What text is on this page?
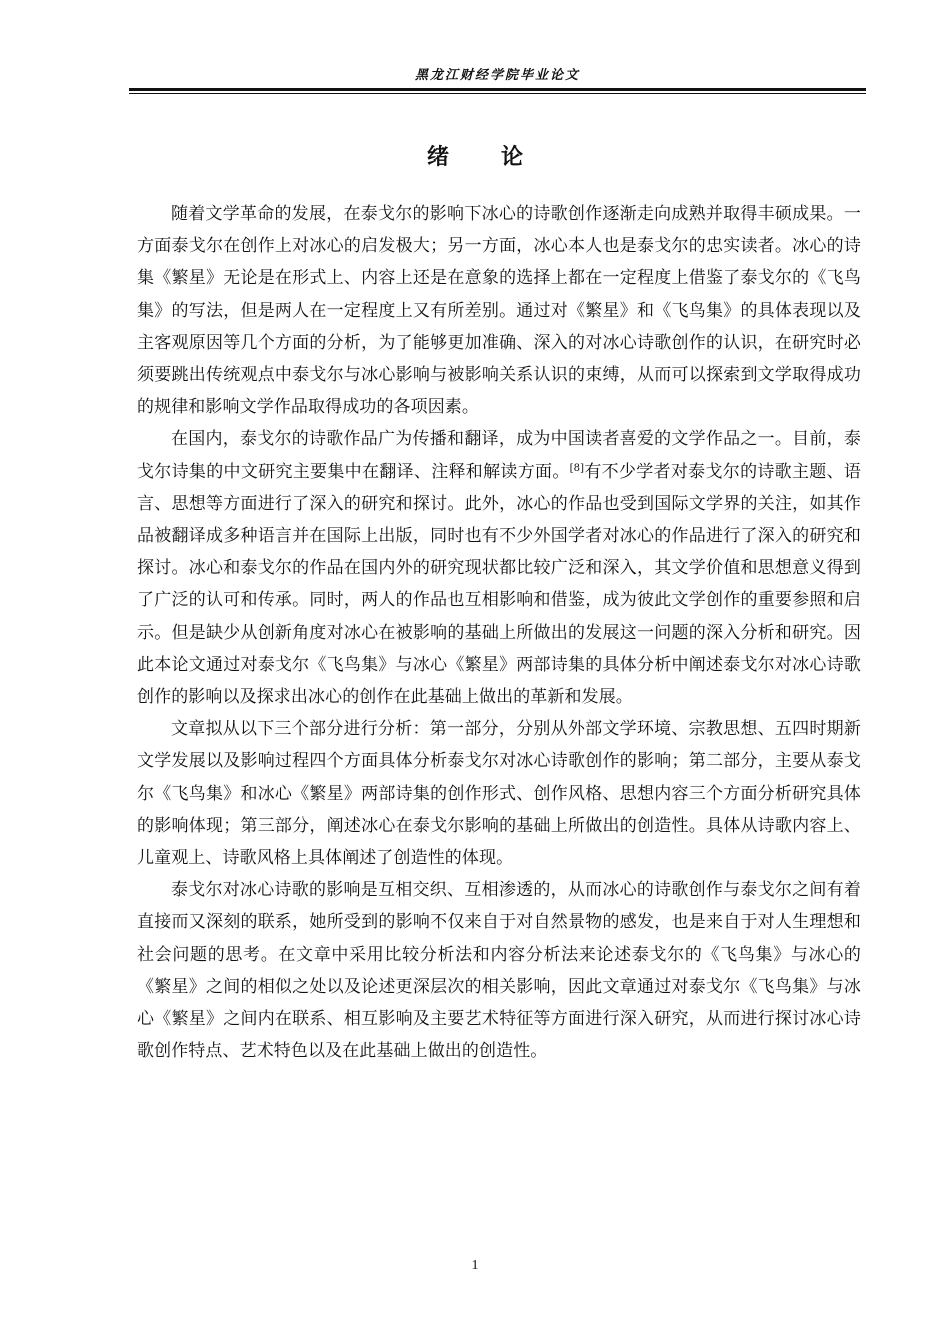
黑龙江财经学院毕业论文
绪论

随着文学革命的发展，在泰戈尔的影响下冰心的诗歌创作逐渐走向成熟并取得丰硕成果。一方面泰戈尔在创作上对冰心的启发极大；另一方面，冰心本人也是泰戈尔的忠实读者。冰心的诗集《繁星》无论是在形式上、内容上还是在意象的选择上都在一定程度上借鉴了泰戈尔的《飞鸟集》的写法，但是两人在一定程度上又有所差别。通过对《繁星》和《飞鸟集》的具体表现以及主客观原因等几个方面的分析，为了能够更加准确、深入的对冰心诗歌创作的认识，在研究时必须要跳出传统观点中泰戈尔与冰心影响与被影响关系认识的束缚，从而可以探索到文学取得成功的规律和影响文学作品取得成功的各项因素。

在国内，泰戈尔的诗歌作品广为传播和翻译，成为中国读者喜爱的文学作品之一。目前，泰戈尔诗集的中文研究主要集中在翻译、注释和解读方面。[8]有不少学者对泰戈尔的诗歌主题、语言、思想等方面进行了深入的研究和探讨。此外，冰心的作品也受到国际文学界的关注，如其作品被翻译成多种语言并在国际上出版，同时也有不少外国学者对冰心的作品进行了深入的研究和探讨。冰心和泰戈尔的作品在国内外的研究现状都比较广泛和深入，其文学价值和思想意义得到了广泛的认可和传承。同时，两人的作品也互相影响和借鉴，成为彼此文学创作的重要参照和启示。但是缺少从创新角度对冰心在被影响的基础上所做出的发展这一问题的深入分析和研究。因此本论文通过对泰戈尔《飞鸟集》与冰心《繁星》两部诗集的具体分析中阐述泰戈尔对冰心诗歌创作的影响以及探求出冰心的创作在此基础上做出的革新和发展。

文章拟从以下三个部分进行分析：第一部分，分别从外部文学环境、宗教思想、五四时期新文学发展以及影响过程四个方面具体分析泰戈尔对冰心诗歌创作的影响；第二部分，主要从泰戈尔《飞鸟集》和冰心《繁星》两部诗集的创作形式、创作风格、思想内容三个方面分析研究具体的影响体现；第三部分，阐述冰心在泰戈尔影响的基础上所做出的创造性。具体从诗歌内容上、儿童观上、诗歌风格上具体阐述了创造性的体现。

泰戈尔对冰心诗歌的影响是互相交织、互相渗透的，从而冰心的诗歌创作与泰戈尔之间有着直接而又深刻的联系，她所受到的影响不仅来自于对自然景物的感发，也是来自于对人生理想和社会问题的思考。在文章中采用比较分析法和内容分析法来论述泰戈尔的《飞鸟集》与冰心的《繁星》之间的相似之处以及论述更深层次的相关影响，因此文章通过对泰戈尔《飞鸟集》与冰心《繁星》之间内在联系、相互影响及主要艺术特征等方面进行深入研究，从而进行探讨冰心诗歌创作特点、艺术特色以及在此基础上做出的创造性。

1
